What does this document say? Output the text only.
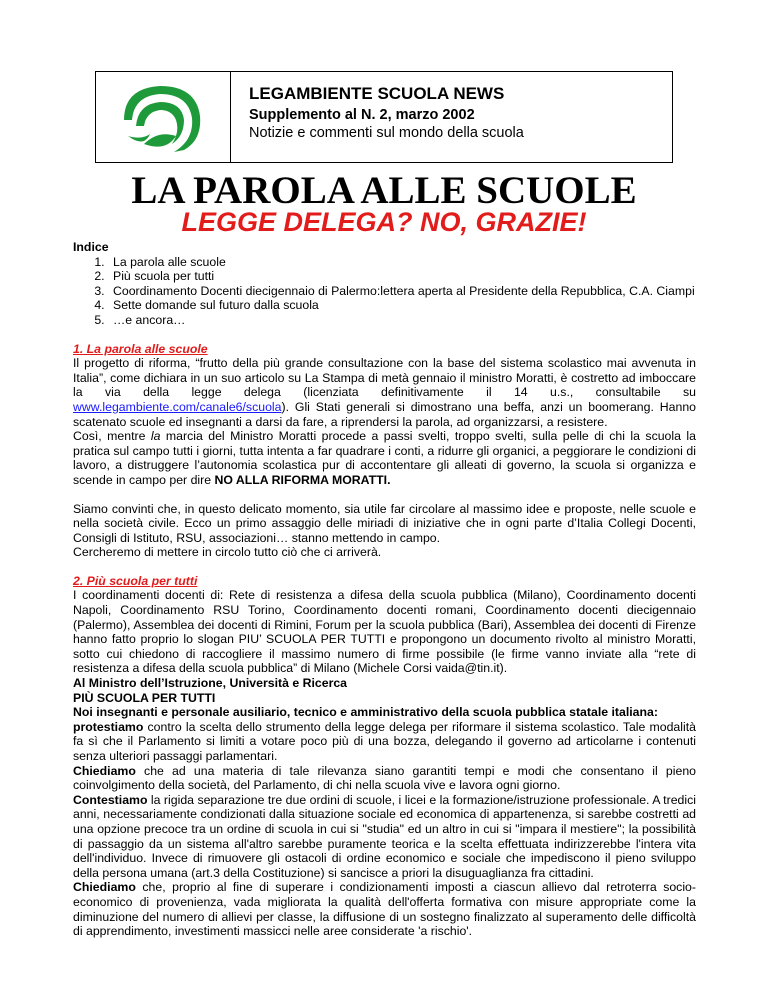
LEGAMBIENTE SCUOLA NEWS
Supplemento al N. 2, marzo 2002
Notizie e commenti sul mondo della scuola
LA PAROLA ALLE SCUOLE
LEGGE DELEGA? NO, GRAZIE!
Indice
1. La parola alle scuole
2. Più scuola per tutti
3. Coordinamento Docenti diecigennaio di Palermo:lettera aperta al Presidente della Repubblica, C.A. Ciampi
4. Sette domande sul futuro dalla scuola
5. …e ancora…
1. La parola alle scuole

Il progetto di riforma, “frutto della più grande consultazione con la base del sistema scolastico mai avvenuta in Italia”, come dichiara in un suo articolo su La Stampa di metà gennaio il ministro Moratti, è costretto ad imboccare la via della legge delega (licenziata definitivamente il 14 u.s., consultabile su www.legambiente.com/canale6/scuola). Gli Stati generali si dimostrano una beffa, anzi un boomerang. Hanno scatenato scuole ed insegnanti a darsi da fare, a riprendersi la parola, ad organizzarsi, a resistere.
Così, mentre la marcia del Ministro Moratti procede a passi svelti, troppo svelti, sulla pelle di chi la scuola la pratica sul campo tutti i giorni, tutta intenta a far quadrare i conti, a ridurre gli organici, a peggiorare le condizioni di lavoro, a distruggere l’autonomia scolastica pur di accontentare gli alleati di governo, la scuola si organizza e scende in campo per dire NO ALLA RIFORMA MORATTI.

Siamo convinti che, in questo delicato momento, sia utile far circolare al massimo idee e proposte, nelle scuole e nella società civile. Ecco un primo assaggio delle miriadi di iniziative che in ogni parte d’Italia Collegi Docenti, Consigli di Istituto, RSU, associazioni… stanno mettendo in campo.
Cercheremo di mettere in circolo tutto ciò che ci arriverà.

2. Più scuola per tutti

I coordinamenti docenti di: Rete di resistenza a difesa della scuola pubblica (Milano), Coordinamento docenti Napoli, Coordinamento RSU Torino, Coordinamento docenti romani, Coordinamento docenti diecigennaio (Palermo), Assemblea dei docenti di Rimini, Forum per la scuola pubblica (Bari), Assemblea dei docenti di Firenze hanno fatto proprio lo slogan PIU’ SCUOLA PER TUTTI e propongono un documento rivolto al ministro Moratti, sotto cui chiedono di raccogliere il massimo numero di firme possibile (le firme vanno inviate alla “rete di resistenza a difesa della scuola pubblica” di Milano (Michele Corsi vaida@tin.it).

Al Ministro dell’Istruzione, Università e Ricerca

PIÙ SCUOLA PER TUTTI

Noi insegnanti e personale ausiliario, tecnico e amministrativo della scuola pubblica statale italiana:

protestiamo contro la scelta dello strumento della legge delega per riformare il sistema scolastico. Tale modalità fa sì che il Parlamento si limiti a votare poco più di una bozza, delegando il governo ad articolarne i contenuti senza ulteriori passaggi parlamentari.

Chiediamo che ad una materia di tale rilevanza siano garantiti tempi e modi che consentano il pieno coinvolgimento della società, del Parlamento, di chi nella scuola vive e lavora ogni giorno.

Contestiamo la rigida separazione tre due ordini di scuole, i licei e la formazione/istruzione professionale. A tredici anni, necessariamente condizionati dalla situazione sociale ed economica di appartenenza, si sarebbe costretti ad una opzione precoce tra un ordine di scuola in cui si "studia" ed un altro in cui si "impara il mestiere"; la possibilità di passaggio da un sistema all'altro sarebbe puramente teorica e la scelta effettuata indirizzerebbe l'intera vita dell'individuo. Invece di rimuovere gli ostacoli di ordine economico e sociale che impediscono il pieno sviluppo della persona umana (art.3 della Costituzione) si sancisce a priori la disuguaglianza fra cittadini.

Chiediamo che, proprio al fine di superare i condizionamenti imposti a ciascun allievo dal retroterra socio-economico di provenienza, vada migliorata la qualità dell'offerta formativa con misure appropriate come la diminuzione del numero di allievi per classe, la diffusione di un sostegno finalizzato al superamento delle difficoltà di apprendimento, investimenti massicci nelle aree considerate 'a rischio'.
